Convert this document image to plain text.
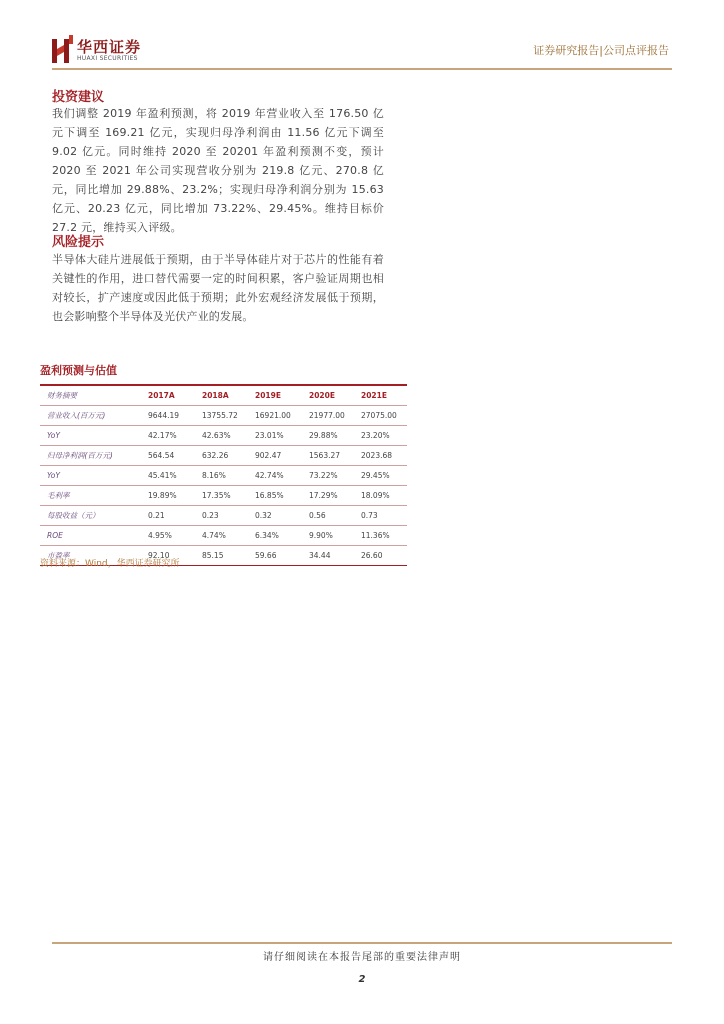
华西证券
HUAXI SECURITIES
证券研究报告|公司点评报告
投资建议
我们调整 2019 年盈利预测，将 2019 年营业收入至 176.50 亿元下调至 169.21 亿元，实现归母净利润由 11.56 亿元下调至 9.02 亿元。同时维持 2020 至 20201 年盈利预测不变，预计 2020 至 2021 年公司实现营收分别为 219.8 亿元、270.8 亿元，同比增加 29.88%、23.2%；实现归母净利润分别为 15.63 亿元、20.23 亿元，同比增加 73.22%、29.45%。维持目标价 27.2 元，维持买入评级。
风险提示
半导体大硅片进展低于预期，由于半导体硅片对于芯片的性能有着关键性的作用，进口替代需要一定的时间积累，客户验证周期也相对较长，扩产速度或因此低于预期；此外宏观经济发展低于预期，也会影响整个半导体及光伏产业的发展。
盈利预测与估值
财务摘要	2017A	2018A	2019E	2020E	2021E
营业收入(百万元)	9644.19	13755.72 16921.00 21977.00 27075.00
YoY	42.17%	42.63%	23.01%	29.88%	23.20%
归母净利润(百万元)	564.54	632.26	902.47	1563.27	2023.68
YoY	45.41%	8.16%	42.74%	73.22%	29.45%
毛利率	19.89%	17.35%	16.85%	17.29%	18.09%
每股收益（元）	0.21	0.23	0.32	0.56	0.73
ROE	4.95%	4.74%	6.34%	9.90%	11.36%
市盈率	92.10	85.15	59.66	34.44	26.60
资料来源：Wind，华西证券研究所
请仔细阅读在本报告尾部的重要法律声明
2
